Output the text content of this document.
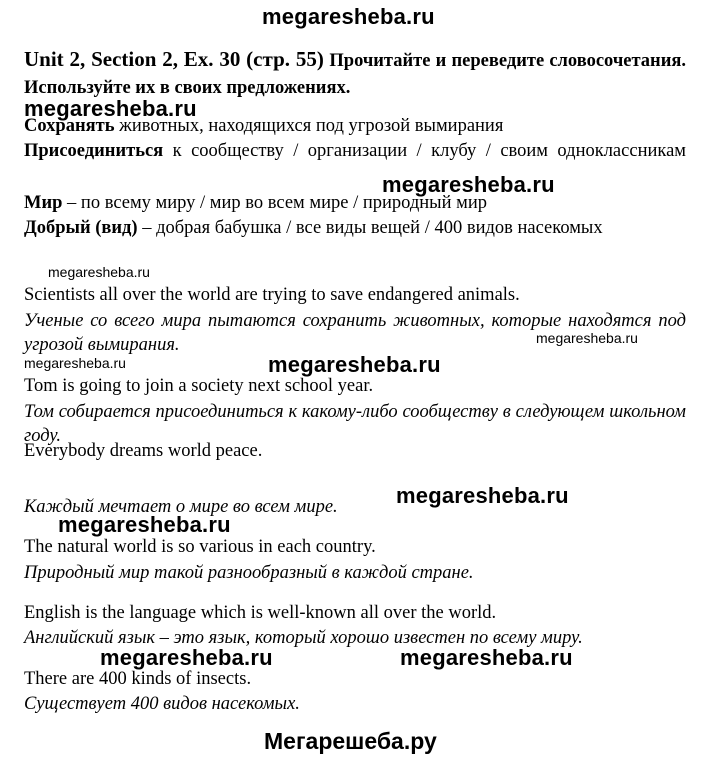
megaresheba.ru
Unit 2, Section 2, Ex. 30 (стр. 55) Прочитайте и переведите словосочетания. Используйте их в своих предложениях.
megaresheba.ru
Сохранять животных, находящихся под угрозой вымирания
Присоединиться к сообществу / организации / клубу / своим одноклассникам
megaresheba.ru
Мир – по всему миру / мир во всем мире / природный мир
Добрый (вид) – добрая бабушка / все виды вещей / 400 видов насекомых
megaresheba.ru
Scientists all over the world are trying to save endangered animals.
Ученые со всего мира пытаются сохранить животных, которые находятся под угрозой вымирания.	megaresheba.ru
megaresheba.ru
megaresheba.ru
Tom is going to join a society next school year.
Том собирается присоединиться к какому-либо сообществу в следующем школьном году.
Everybody dreams world peace.
Каждый мечтает о мире во всем мире.	megaresheba.ru
megaresheba.ru
The natural world is so various in each country.
Природный мир такой разнообразный в каждой стране.
English is the language which is well-known all over the world.
Английский язык – это язык, который хорошо известен по всему миру.
megaresheba.ru	megaresheba.ru
There are 400 kinds of insects.
Существует 400 видов насекомых.
Мегарешеба.ру
